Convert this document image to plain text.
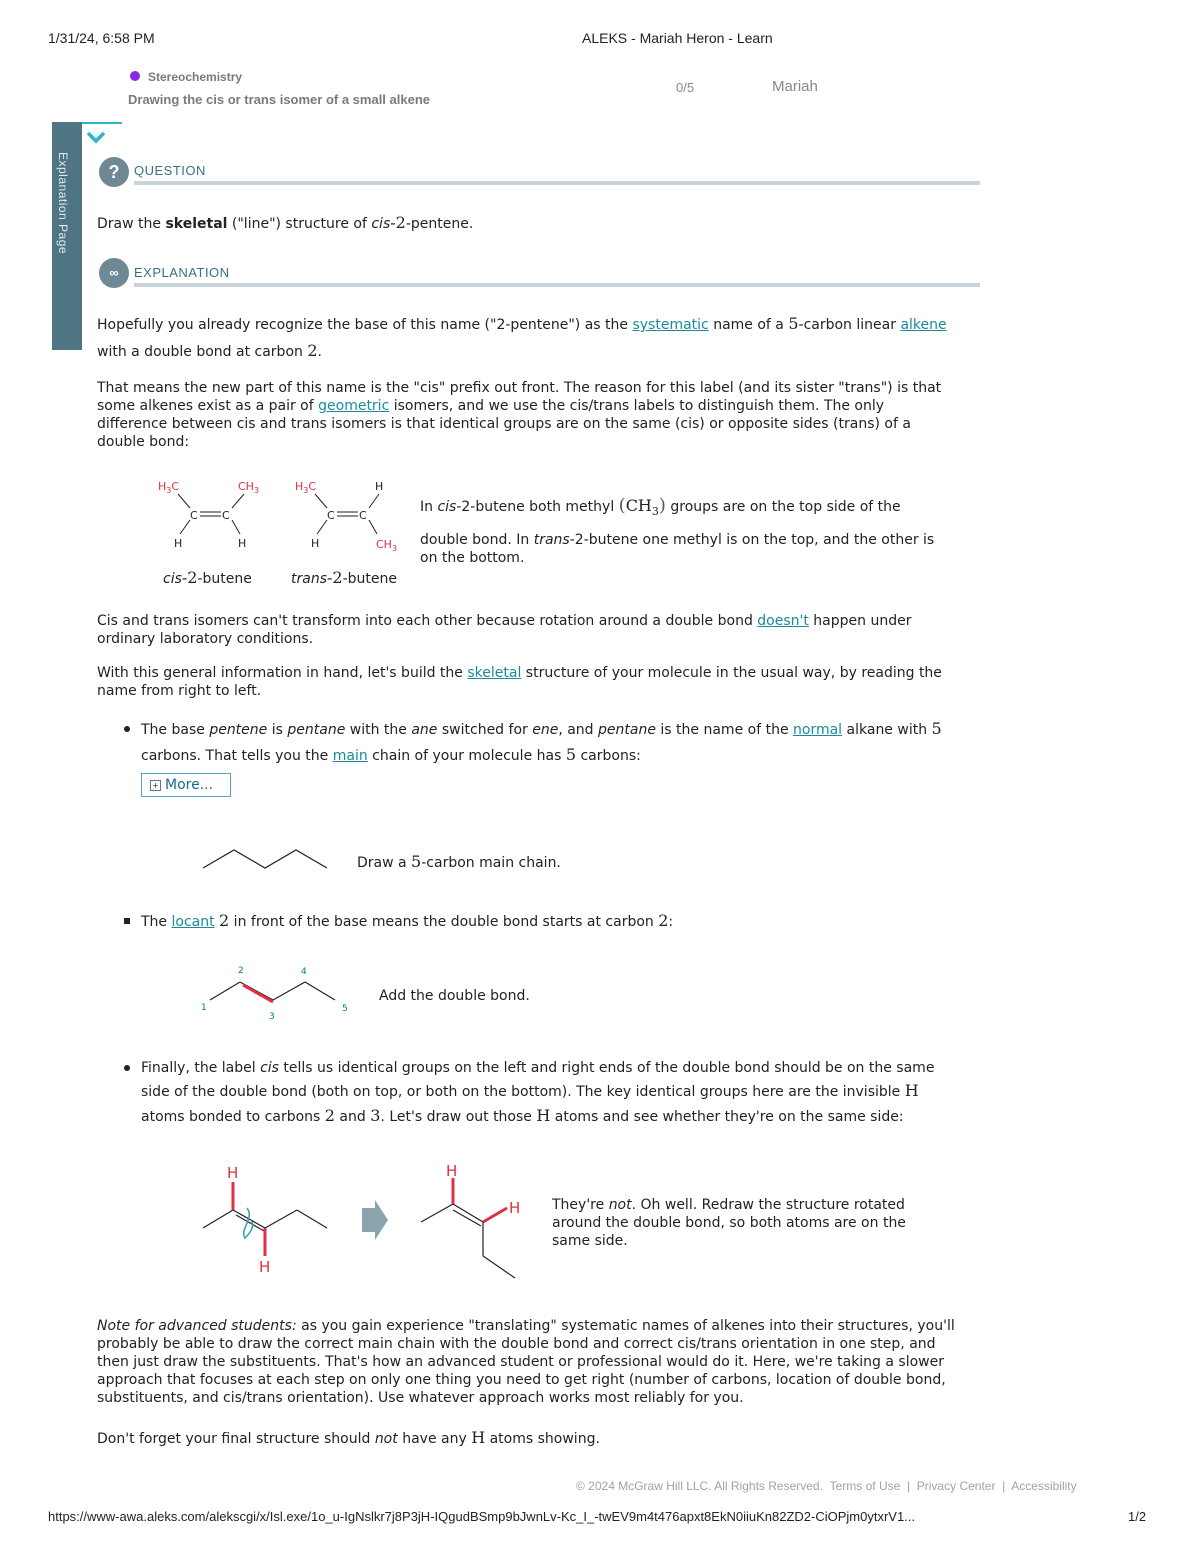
1/31/24, 6:58 PM	ALEKS - Mariah Heron - Learn
Stereochemistry
Drawing the cis or trans isomer of a small alkene
0/5	Mariah
Explanation Page	?	QUESTION
Draw the skeletal ("line") structure of cis-2-pentene.
∞	EXPLANATION
Hopefully you already recognize the base of this name ("2-pentene") as the systematic name of a 5-carbon linear alkene
with a double bond at carbon 2.
That means the new part of this name is the "cis" prefix out front. The reason for this label (and its sister "trans") is that
some alkenes exist as a pair of geometric isomers, and we use the cis/trans labels to distinguish them. The only
difference between cis and trans isomers is that identical groups are on the same (cis) or opposite sides (trans) of a
double bond:
$H_3C$	$CH_3$
C C
H	H
$H_3C$	H
C C
H	$CH_3$
cis-2-butene	trans-2-butene
In cis-2-butene both methyl $(CH_3)$ groups are on the top side of the
double bond. In trans-2-butene one methyl is on the top, and the other is
on the bottom.
Cis and trans isomers can't transform into each other because rotation around a double bond doesn't happen under
ordinary laboratory conditions.
With this general information in hand, let's build the skeletal structure of your molecule in the usual way, by reading the
name from right to left.
The base pentene is pentane with the ane switched for ene, and pentane is the name of the normal alkane with 5
carbons. That tells you the main chain of your molecule has 5 carbons:
+ More...
Draw a 5-carbon main chain.
The locant 2 in front of the base means the double bond starts at carbon 2:
1
2
3
4
5
Add the double bond.
Finally, the label cis tells us identical groups on the left and right ends of the double bond should be on the same
side of the double bond (both on top, or both on the bottom). The key identical groups here are the invisible H
atoms bonded to carbons 2 and 3. Let's draw out those H atoms and see whether they're on the same side:
H
H
H
H They're not. Oh well. Redraw the structure rotated
around the double bond, so both atoms are on the
same side.
Note for advanced students: as you gain experience "translating" systematic names of alkenes into their structures, you'll
probably be able to draw the correct main chain with the double bond and correct cis/trans orientation in one step, and
then just draw the substituents. That's how an advanced student or professional would do it. Here, we're taking a slower
approach that focuses at each step on only one thing you need to get right (number of carbons, location of double bond,
substituents, and cis/trans orientation). Use whatever approach works most reliably for you.
Don't forget your final structure should not have any H atoms showing.
© 2024 McGraw Hill LLC. All Rights Reserved. Terms of Use | Privacy Center | Accessibility
https://www-awa.aleks.com/alekscgi/x/Isl.exe/1o_u-IgNslkr7j8P3jH-IQgudBSmp9bJwnLv-Kc_I_-twEV9m4t476apxt8EkN0iiuKn82ZD2-CiOPjm0ytxrV1...	1/2
